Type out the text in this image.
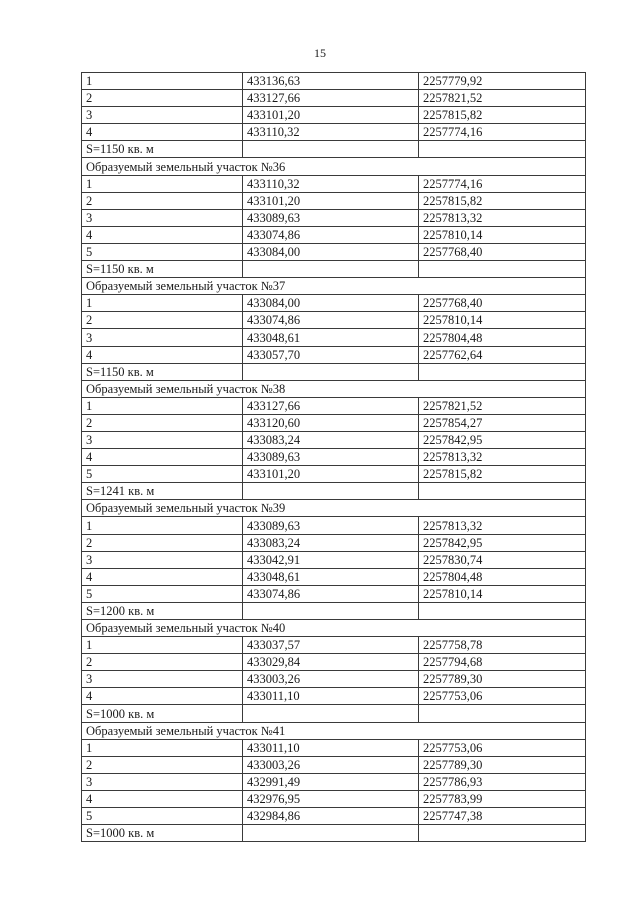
15
1	433136,63	2257779,92
2	433127,66	2257821,52
3	433101,20	2257815,82
4	433110,32	2257774,16
S=1150 кв. м		
Образуемый земельный участок №36		
1	433110,32	2257774,16
2	433101,20	2257815,82
3	433089,63	2257813,32
4	433074,86	2257810,14
5	433084,00	2257768,40
S=1150 кв. м		
Образуемый земельный участок №37		
1	433084,00	2257768,40
2	433074,86	2257810,14
3	433048,61	2257804,48
4	433057,70	2257762,64
S=1150 кв. м		
Образуемый земельный участок №38		
1	433127,66	2257821,52
2	433120,60	2257854,27
3	433083,24	2257842,95
4	433089,63	2257813,32
5	433101,20	2257815,82
S=1241 кв. м		
Образуемый земельный участок №39		
1	433089,63	2257813,32
2	433083,24	2257842,95
3	433042,91	2257830,74
4	433048,61	2257804,48
5	433074,86	2257810,14
S=1200 кв. м		
Образуемый земельный участок №40		
1	433037,57	2257758,78
2	433029,84	2257794,68
3	433003,26	2257789,30
4	433011,10	2257753,06
S=1000 кв. м		
Образуемый земельный участок №41		
1	433011,10	2257753,06
2	433003,26	2257789,30
3	432991,49	2257786,93
4	432976,95	2257783,99
5	432984,86	2257747,38
S=1000 кв. м		
